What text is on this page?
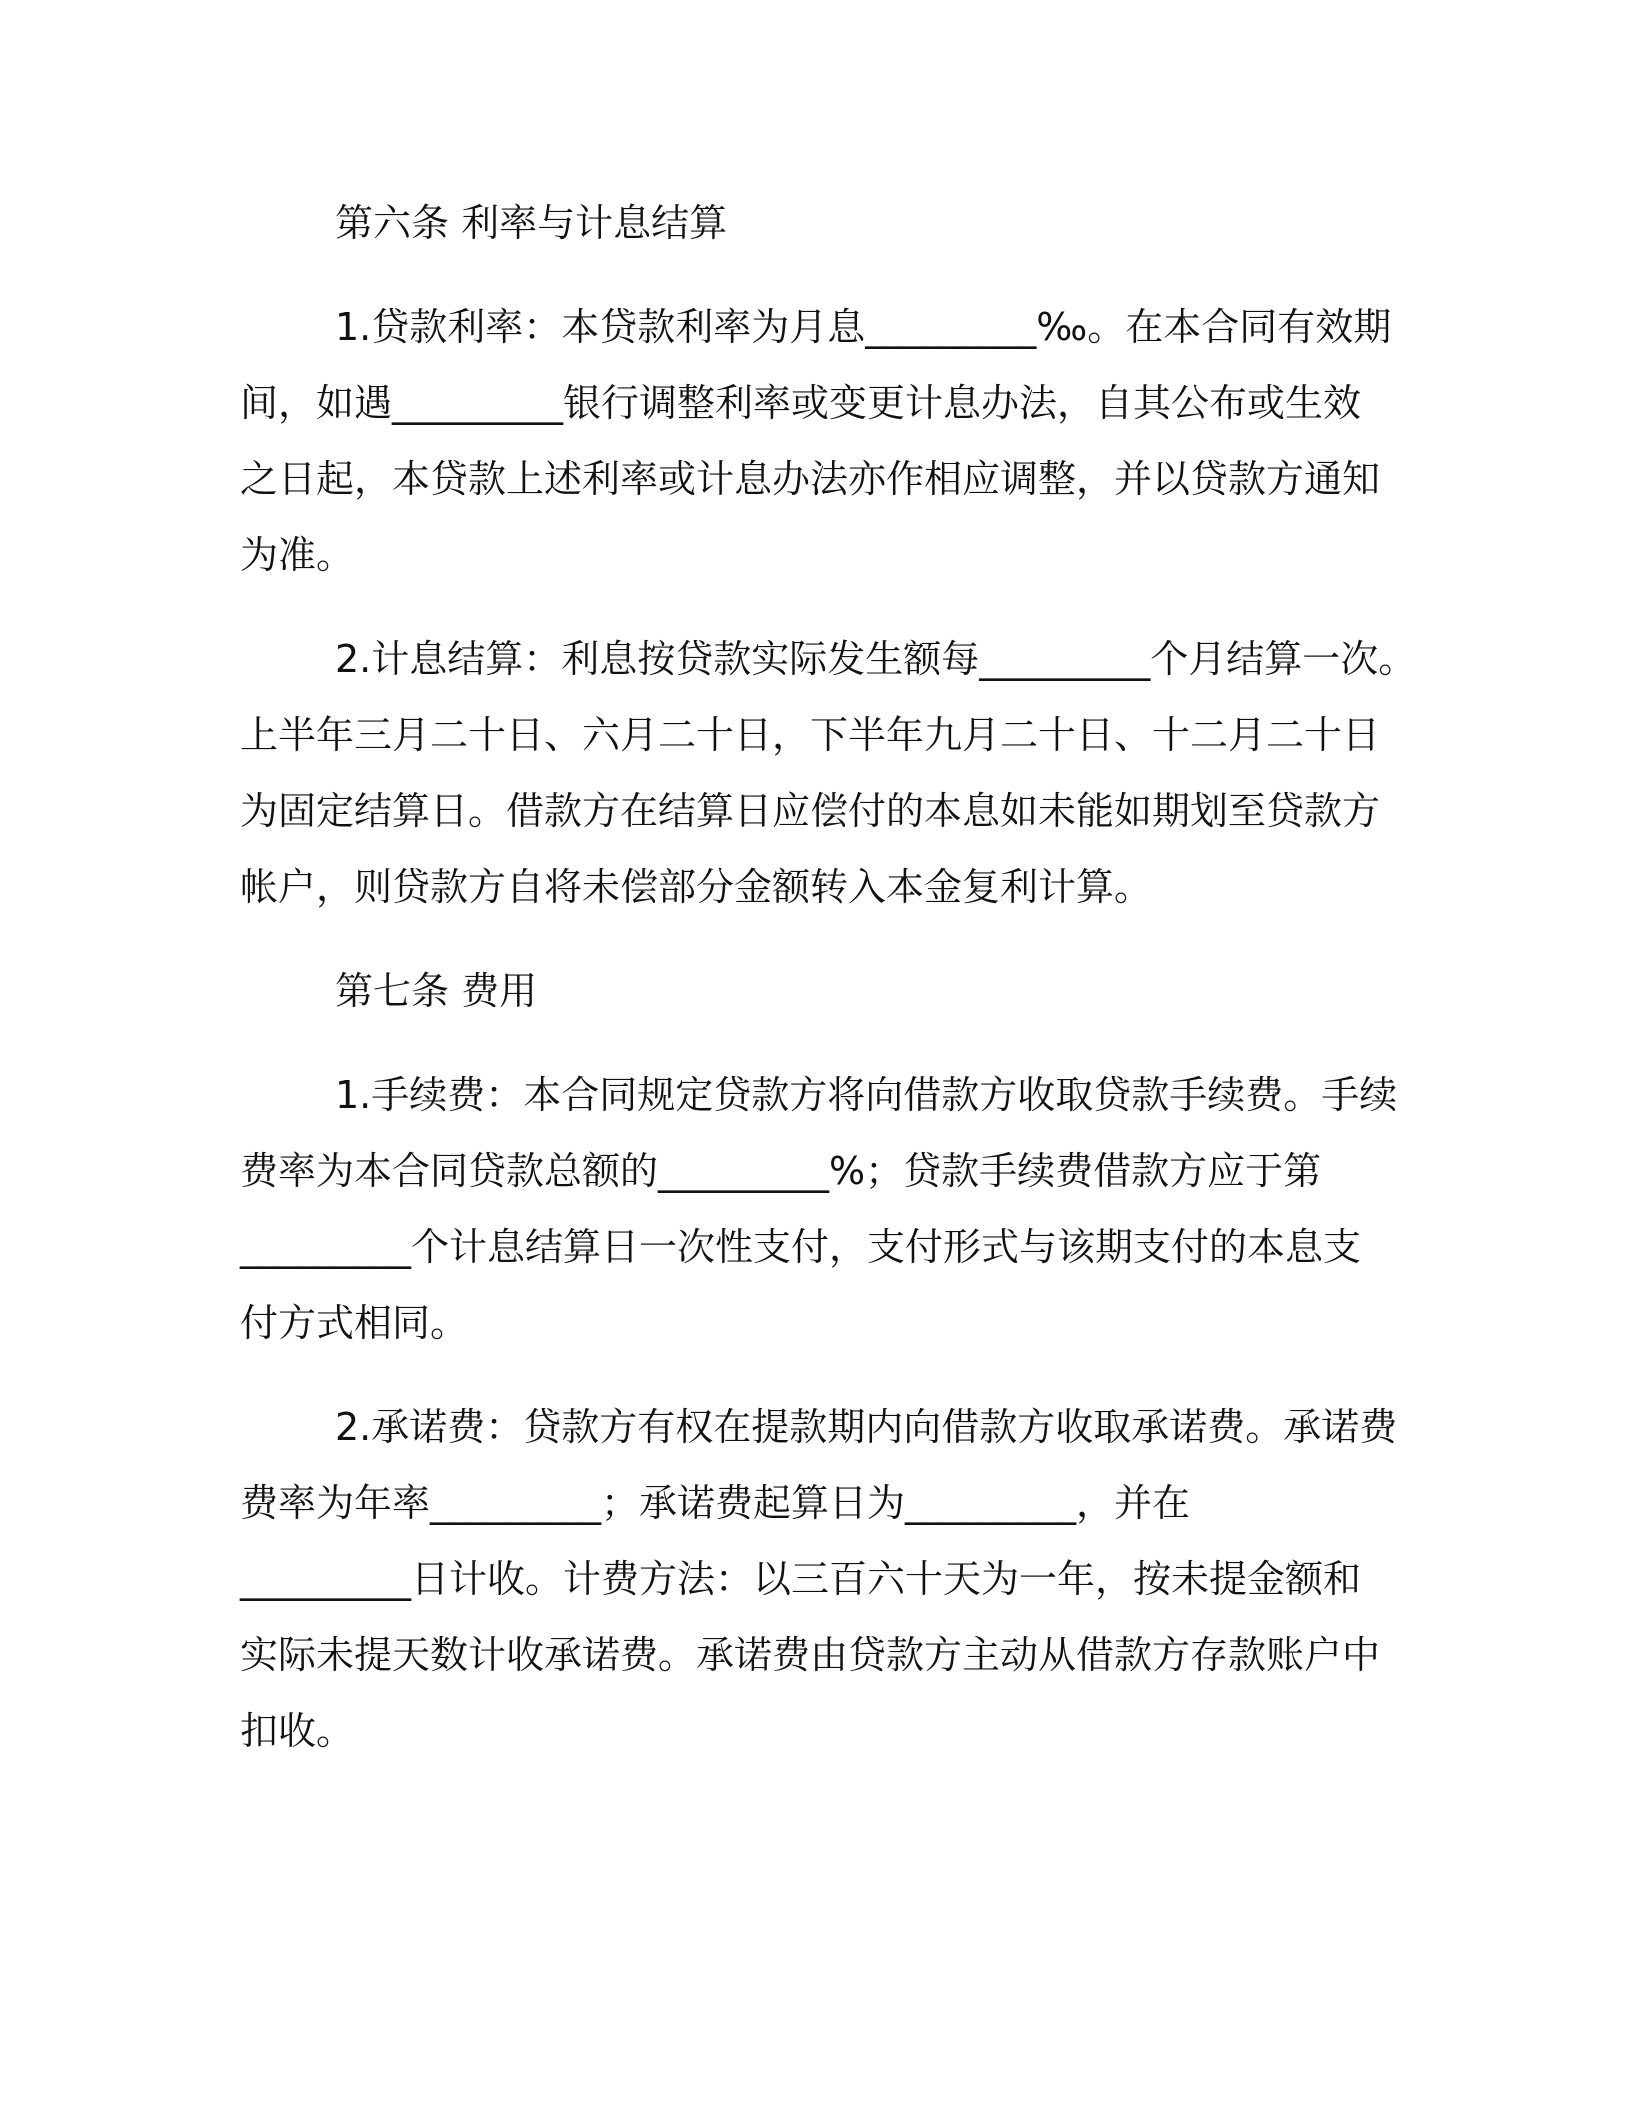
第六条 利率与计息结算
1.贷款利率：本贷款利率为月息_________‰。在本合同有效期
间，如遇_________银行调整利率或变更计息办法，自其公布或生效
之日起，本贷款上述利率或计息办法亦作相应调整，并以贷款方通知
为准。
2.计息结算：利息按贷款实际发生额每_________个月结算一次。
上半年三月二十日、六月二十日，下半年九月二十日、十二月二十日
为固定结算日。借款方在结算日应偿付的本息如未能如期划至贷款方
帐户，则贷款方自将未偿部分金额转入本金复利计算。
第七条 费用
1.手续费：本合同规定贷款方将向借款方收取贷款手续费。手续
费率为本合同贷款总额的_________%；贷款手续费借款方应于第
_________个计息结算日一次性支付，支付形式与该期支付的本息支
付方式相同。
2.承诺费：贷款方有权在提款期内向借款方收取承诺费。承诺费
费率为年率_________；承诺费起算日为_________，并在
_________日计收。计费方法：以三百六十天为一年，按未提金额和
实际未提天数计收承诺费。承诺费由贷款方主动从借款方存款账户中
扣收。
